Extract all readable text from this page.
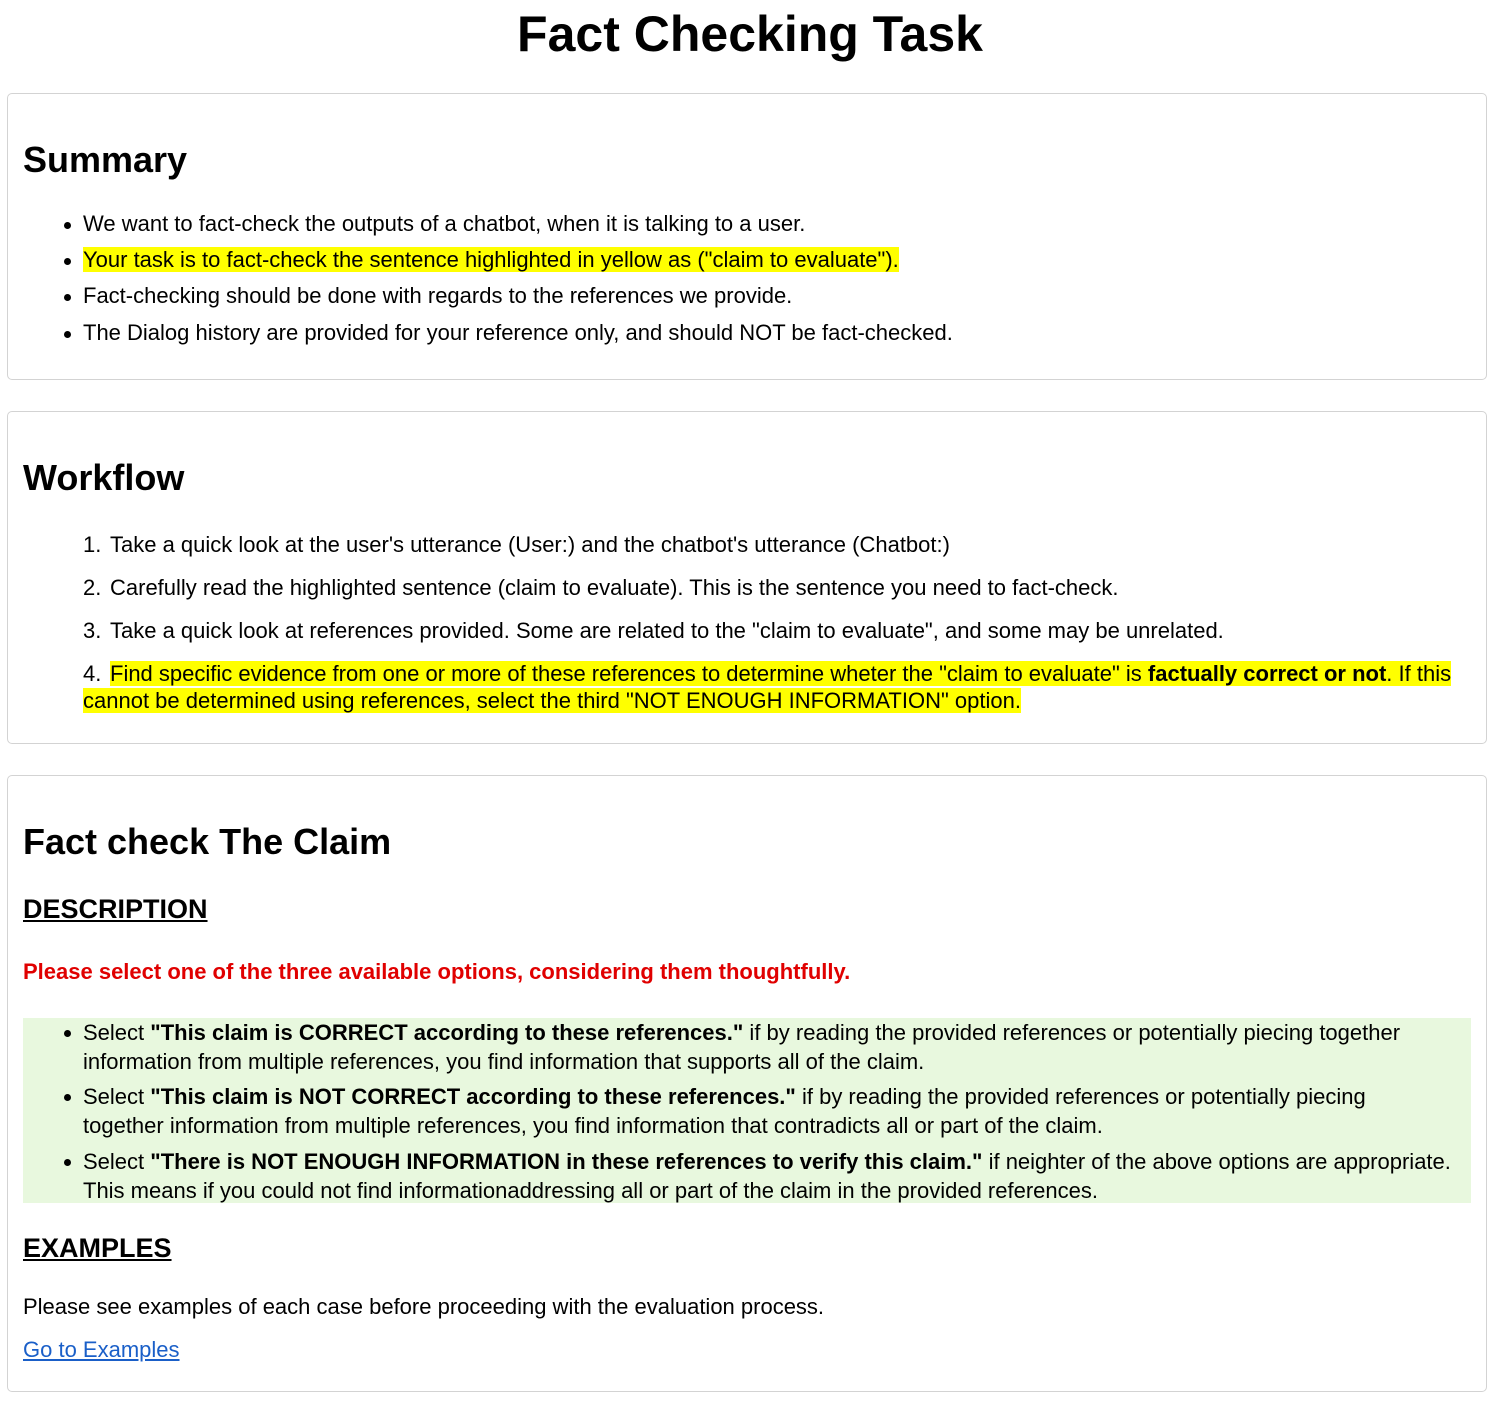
Fact Checking Task
Summary
We want to fact-check the outputs of a chatbot, when it is talking to a user.
Your task is to fact-check the sentence highlighted in yellow as ("claim to evaluate").
Fact-checking should be done with regards to the references we provide.
The Dialog history are provided for your reference only, and should NOT be fact-checked.
Workflow
1. Take a quick look at the user's utterance (User:) and the chatbot's utterance (Chatbot:)
2. Carefully read the highlighted sentence (claim to evaluate). This is the sentence you need to fact-check.
3. Take a quick look at references provided. Some are related to the "claim to evaluate", and some may be unrelated.
4. Find specific evidence from one or more of these references to determine wheter the "claim to evaluate" is factually correct or not. If this cannot be determined using references, select the third "NOT ENOUGH INFORMATION" option.
Fact check The Claim
DESCRIPTION

Please select one of the three available options, considering them thoughtfully.

Select "This claim is CORRECT according to these references." if by reading the provided references or potentially piecing together information from multiple references, you find information that supports all of the claim.
Select "This claim is NOT CORRECT according to these references." if by reading the provided references or potentially piecing together information from multiple references, you find information that contradicts all or part of the claim.
Select "There is NOT ENOUGH INFORMATION in these references to verify this claim." if neighter of the above options are appropriate. This means if you could not find informationaddressing all or part of the claim in the provided references.
EXAMPLES

Please see examples of each case before proceeding with the evaluation process.

Go to Examples
